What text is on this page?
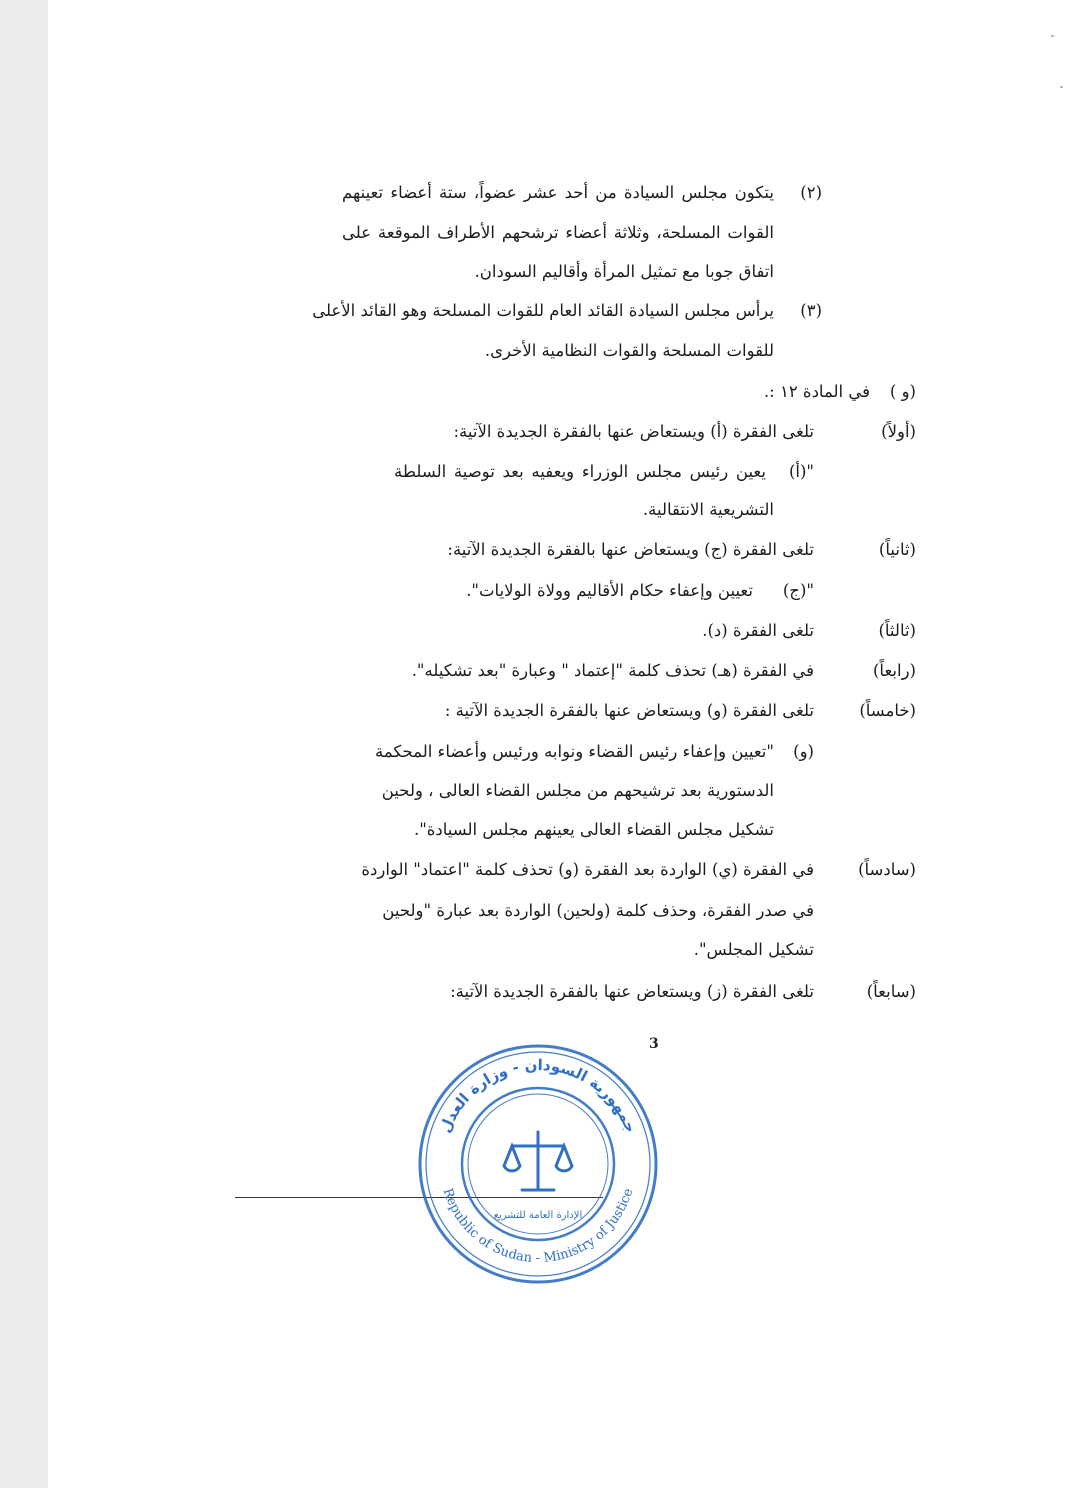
(٢)
يتكون مجلس السيادة من أحد عشر عضواً، ستة أعضاء تعينهم
القوات المسلحة، وثلاثة أعضاء ترشحهم الأطراف الموقعة على
اتفاق جوبا مع تمثيل المرأة وأقاليم السودان.
(٣)
يرأس مجلس السيادة القائد العام للقوات المسلحة وهو القائد الأعلى
للقوات المسلحة والقوات النظامية الأخرى.
(و )
في المادة ١٢ :.
(أولاً)
تلغى الفقرة (أ) ويستعاض عنها بالفقرة الجديدة الآتية:
"(أ)
يعين رئيس مجلس الوزراء ويعفيه بعد توصية السلطة
التشريعية الانتقالية.
(ثانياً)
تلغى الفقرة (ج) ويستعاض عنها بالفقرة الجديدة الآتية:
"(ج)
تعيين وإعفاء حكام الأقاليم وولاة الولايات".
(ثالثاً)
تلغى الفقرة (د).
(رابعاً)
في الفقرة (هـ) تحذف كلمة "إعتماد " وعبارة "بعد تشكيله".
(خامساً)
تلغى الفقرة (و) ويستعاض عنها بالفقرة الجديدة الآتية :
(و)
"تعيين وإعفاء رئيس القضاء ونوابه ورئيس وأعضاء المحكمة
الدستورية بعد ترشيحهم من مجلس القضاء العالى ، ولحين
تشكيل مجلس القضاء العالى يعينهم مجلس السيادة".
(سادساً)
في الفقرة (ي) الواردة بعد الفقرة (و) تحذف كلمة "اعتماد" الواردة
في صدر الفقرة، وحذف كلمة (ولحين) الواردة بعد عبارة "ولحين
تشكيل المجلس".
(سابعاً)
تلغى الفقرة (ز) ويستعاض عنها بالفقرة الجديدة الآتية:
3
جمهورية السودان - وزارة العدل
Republic of Sudan - Ministry of Justice
الإدارة العامة للتشريع
